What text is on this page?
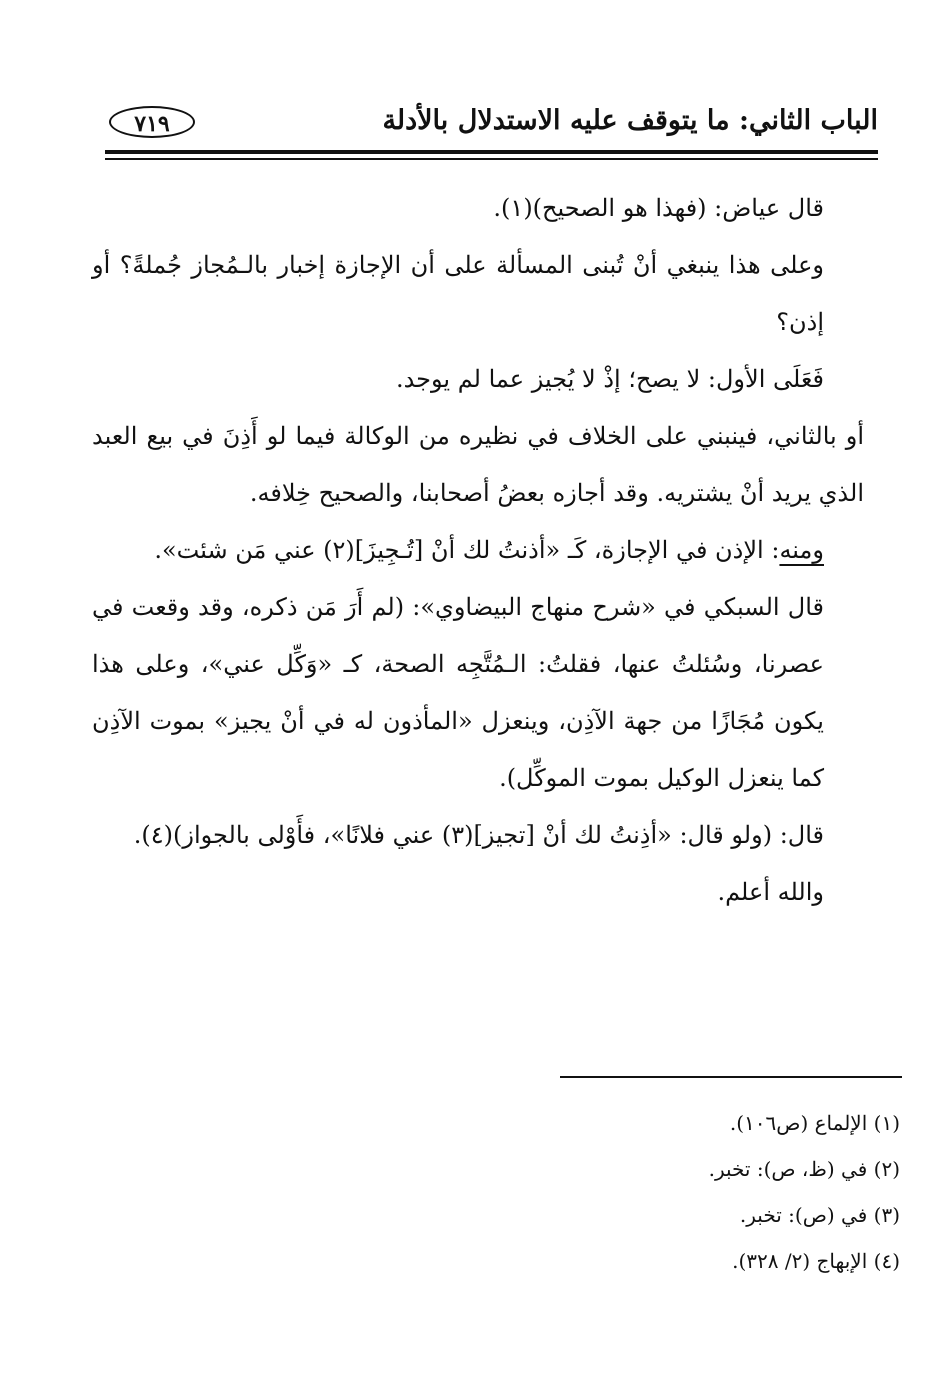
الباب الثاني: ما يتوقف عليه الاستدلال بالأدلة
٧١٩

قال عياض: (فهذا هو الصحيح)(١).

وعلى هذا ينبغي أنْ تُبنى المسألة على أن الإجازة إخبار بالـمُجاز جُملةً؟ أو إذن؟

فَعَلَى الأول: لا يصح؛ إذْ لا يُجيز عما لم يوجد.

أو بالثاني، فينبني على الخلاف في نظيره من الوكالة فيما لو أَذِنَ في بيع العبد الذي يريد أنْ يشتريه. وقد أجازه بعضُ أصحابنا، والصحيح خِلافه.

ومنه: الإذن في الإجازة، كَـ «أذنتُ لك أنْ [تُـجِيزَ](٢) عني مَن شئت».

قال السبكي في «شرح منهاج البيضاوي»: (لم أَرَ مَن ذكره، وقد وقعت في عصرنا، وسُئلتُ عنها، فقلتُ: الـمُتَّجِه الصحة، كـ «وَكِّل عني»، وعلى هذا يكون مُجَازًا من جهة الآذِن، وينعزل «المأذون له في أنْ يجيز» بموت الآذِن كما ينعزل الوكيل بموت الموكِّل).

قال: (ولو قال: «أذِنتُ لك أنْ [تجيز](٣) عني فلانًا»، فأَوْلى بالجواز)(٤).

والله أعلم.

(١) الإلماع (ص١٠٦).

(٢) في (ظ، ص): تخبر.

(٣) في (ص): تخبر.

(٤) الإبهاج (٢/ ٣٢٨).
